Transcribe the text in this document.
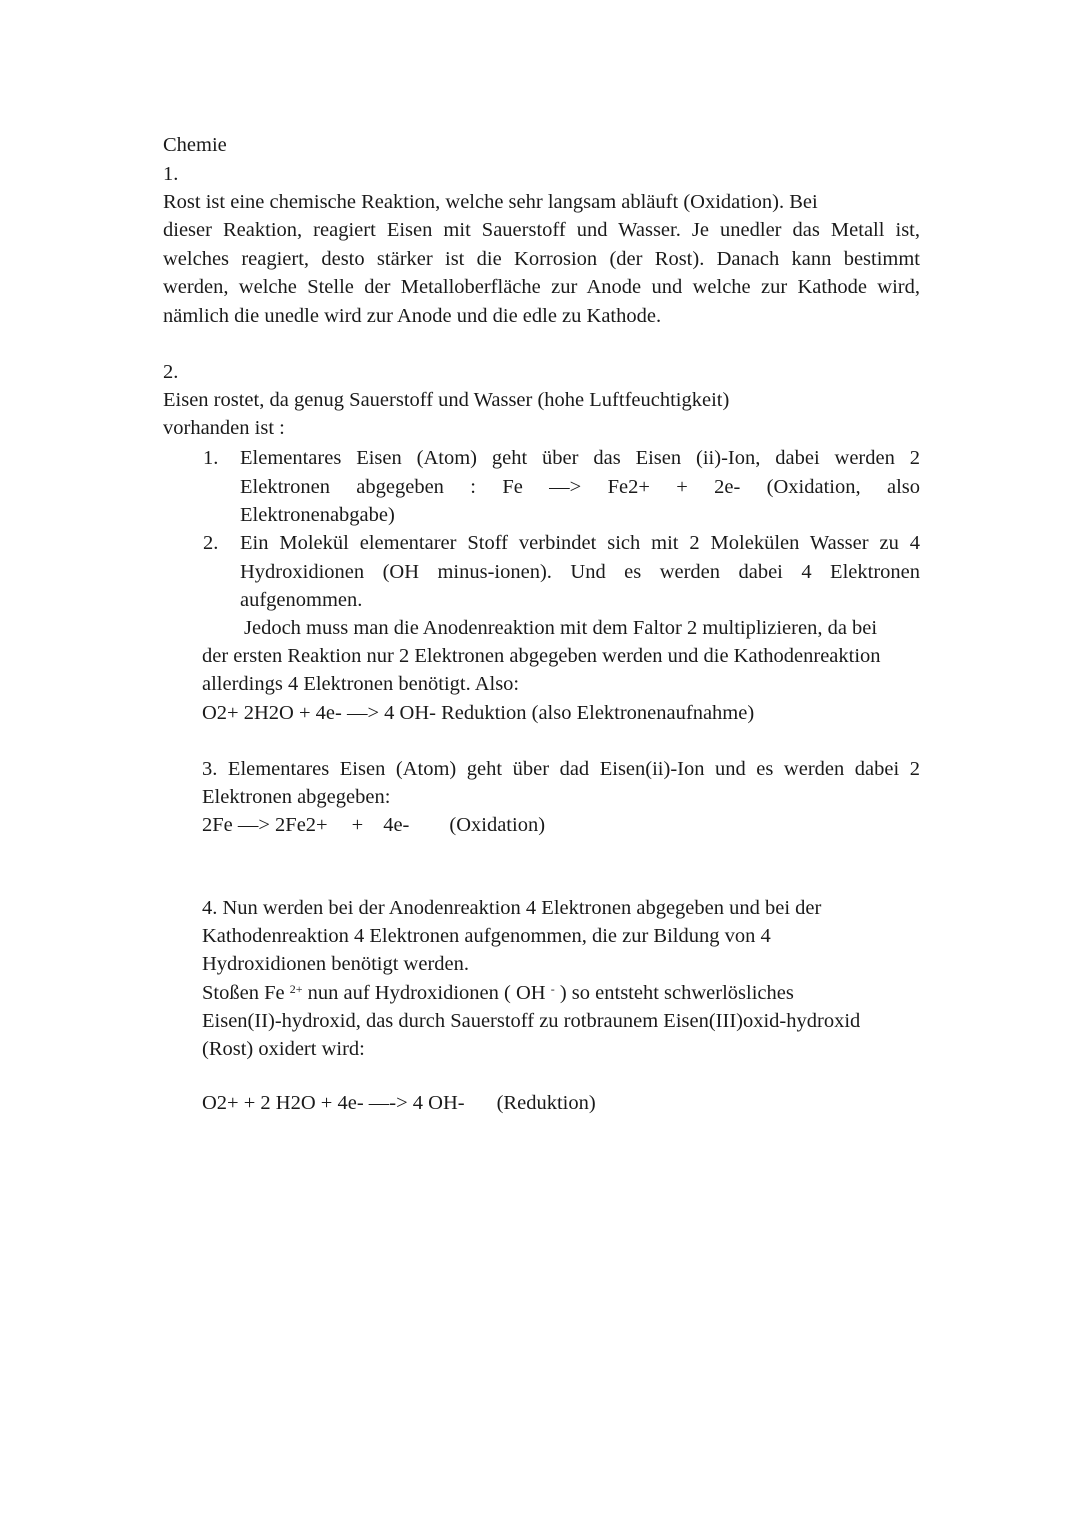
Chemie
1.
Rost ist eine chemische Reaktion, welche sehr langsam abläuft (Oxidation). Bei
dieser Reaktion, reagiert Eisen mit Sauerstoff und Wasser. Je unedler das Metall ist,
welches reagiert, desto stärker ist die Korrosion (der Rost). Danach kann bestimmt
werden, welche Stelle der Metalloberfläche zur Anode und welche zur Kathode wird,
nämlich die unedle wird zur Anode und die edle zu Kathode.
2.
Eisen rostet, da genug Sauerstoff und Wasser (hohe Luftfeuchtigkeit)
vorhanden ist :
1. Elementares Eisen (Atom) geht über das Eisen (ii)-Ion, dabei werden 2
Elektronen abgegeben : Fe —> Fe2+ + 2e- (Oxidation, also
Elektronenabgabe)
2. Ein Molekül elementarer Stoff verbindet sich mit 2 Molekülen Wasser zu 4
Hydroxidionen (OH minus-ionen). Und es werden dabei 4 Elektronen
aufgenommen.
Jedoch muss man die Anodenreaktion mit dem Faltor 2 multiplizieren, da bei
der ersten Reaktion nur 2 Elektronen abgegeben werden und die Kathodenreaktion
allerdings 4 Elektronen benötigt. Also:
O2+ 2H2O + 4e- —> 4 OH- Reduktion (also Elektronenaufnahme)
3. Elementares Eisen (Atom) geht über dad Eisen(ii)-Ion und es werden dabei 2
Elektronen abgegeben:
2Fe —> 2Fe2+ + 4e- (Oxidation)
4. Nun werden bei der Anodenreaktion 4 Elektronen abgegeben und bei der
Kathodenreaktion 4 Elektronen aufgenommen, die zur Bildung von 4
Hydroxidionen benötigt werden.
Stoßen Fe $^{2+}$ nun auf Hydroxidionen ( OH - ) so entsteht schwerlösliches
Eisen(II)-hydroxid, das durch Sauerstoff zu rotbraunem Eisen(III)oxid-hydroxid
(Rost) oxidert wird:
O2+ + 2 H2O + 4e- —-> 4 OH- (Reduktion)
